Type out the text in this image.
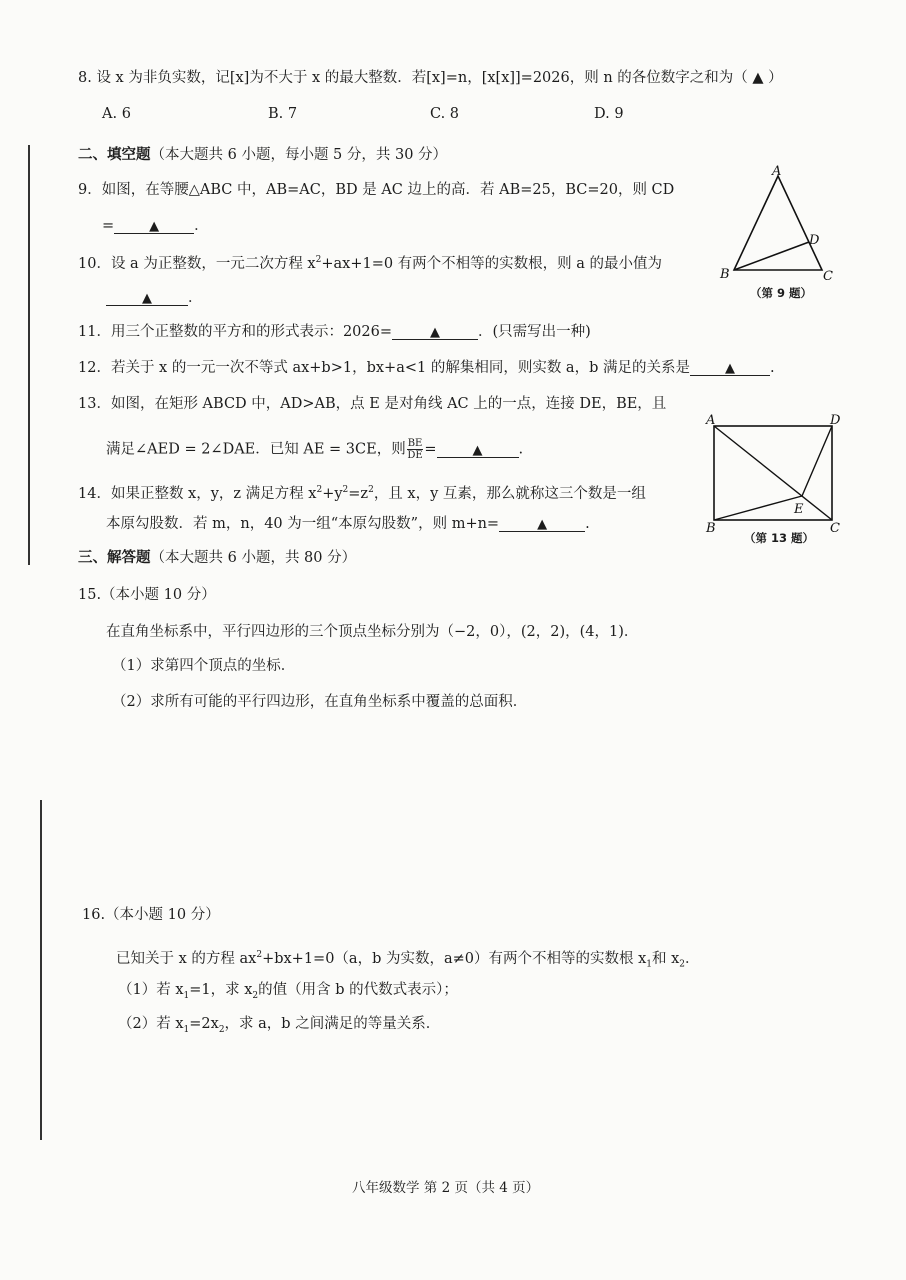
8. 设 x 为非负实数，记[x]为不大于 x 的最大整数．若[x]=n，[x[x]]=2026，则 n 的各位数字之和为（ ▲ ）
A. 6	B. 7	C. 8	D. 9
二、填空题（本大题共 6 小题，每小题 5 分，共 30 分）
9．如图，在等腰△ABC 中，AB=AC，BD 是 AC 边上的高．若 AB=25，BC=20，则 CD
=	▲ ．
10．设 a 为正整数，一元二次方程 $x^2+ax+1=0$ 有两个不相等的实数根，则 a 的最小值为
▲ ．
11．用三个正整数的平方和的形式表示：2026=	▲	．(只需写出一种)
12．若关于 x 的一元一次不等式 ax+b>1，bx+a<1 的解集相同，则实数 a，b 满足的关系是	▲ .
13．如图，在矩形 ABCD 中，AD>AB，点 E 是对角线 AC 上的一点，连接 DE，BE，且
满足∠AED = 2∠DAE．已知 AE = 3CE，则 $\frac{BE}{DE}$ =	▲ .
14．如果正整数 x，y，z 满足方程 $x^2+y^2=z^2$，且 x，y 互素，那么就称这三个数是一组
本原勾股数．若 m，n，40 为一组“本原勾股数”，则 m+n=	▲	.
三、解答题（本大题共 6 小题，共 80 分）
15.（本小题 10 分）
在直角坐标系中，平行四边形的三个顶点坐标分别为（−2，0），(2，2)，(4，1)．
（1）求第四个顶点的坐标．
（2）求所有可能的平行四边形，在直角坐标系中覆盖的总面积．
16.（本小题 10 分）
已知关于 x 的方程 $ax^2+bx+1=0(a$，b 为实数，a≠0）有两个不相等的实数根 $x_1$和 $x_2$．
（1）若 $x_1=1$，求 $x_2$的值（用含 b 的代数式表示）；
（2）若 $x_1=2x_2$，求 a，b 之间满足的等量关系．
A
B	C
D
（第 9 题）
A	D
B	C
E
（第 13 题）
八年级数学 第 2 页（共 4 页）
